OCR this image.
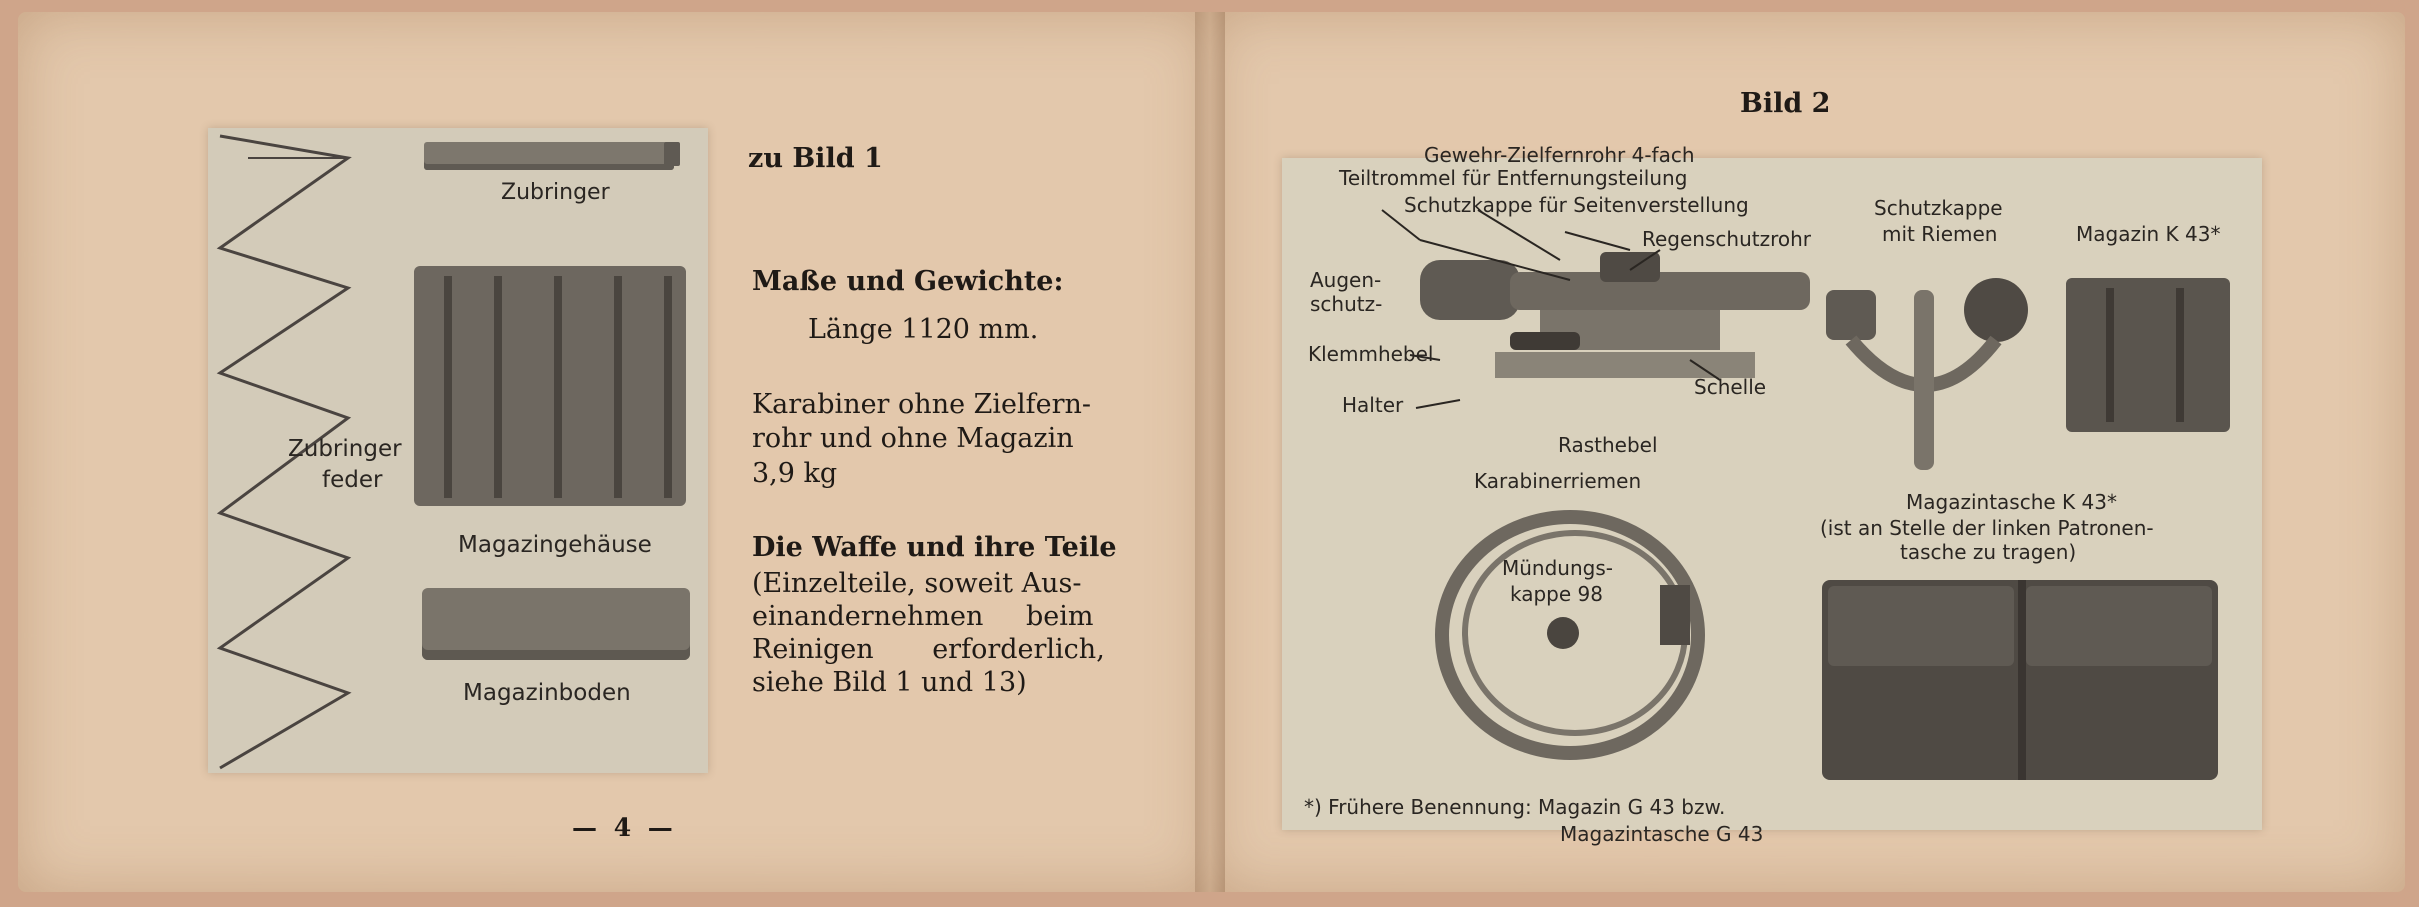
Zubringer
Magazingehäuse
Magazinboden
Zubringer
feder
zu Bild 1
Maße und Gewichte:
Länge 1120 mm.
Karabiner ohne Zielfern-
rohr und ohne Magazin
3,9 kg
Die Waffe und ihre Teile
(Einzelteile, soweit Aus-
einandernehmen beim
Reinigen erforderlich,
siehe Bild 1 und 13)
— 4 —
Bild 2
Gewehr-Zielfernrohr 4-fach
Teiltrommel für Entfernungsteilung
Schutzkappe für Seitenverstellung
Regenschutzrohr
Augen-
schutz-
Klemmhebel
Schelle
Halter
Rasthebel
Schutzkappe
mit Riemen	Magazin K 43*
Karabinerriemen
Mündungs-
kappe 98
Magazintasche K 43*
(ist an Stelle der linken Patronen-
tasche zu tragen)
*) Frühere Benennung: Magazin G 43 bzw.
Magazintasche G 43
